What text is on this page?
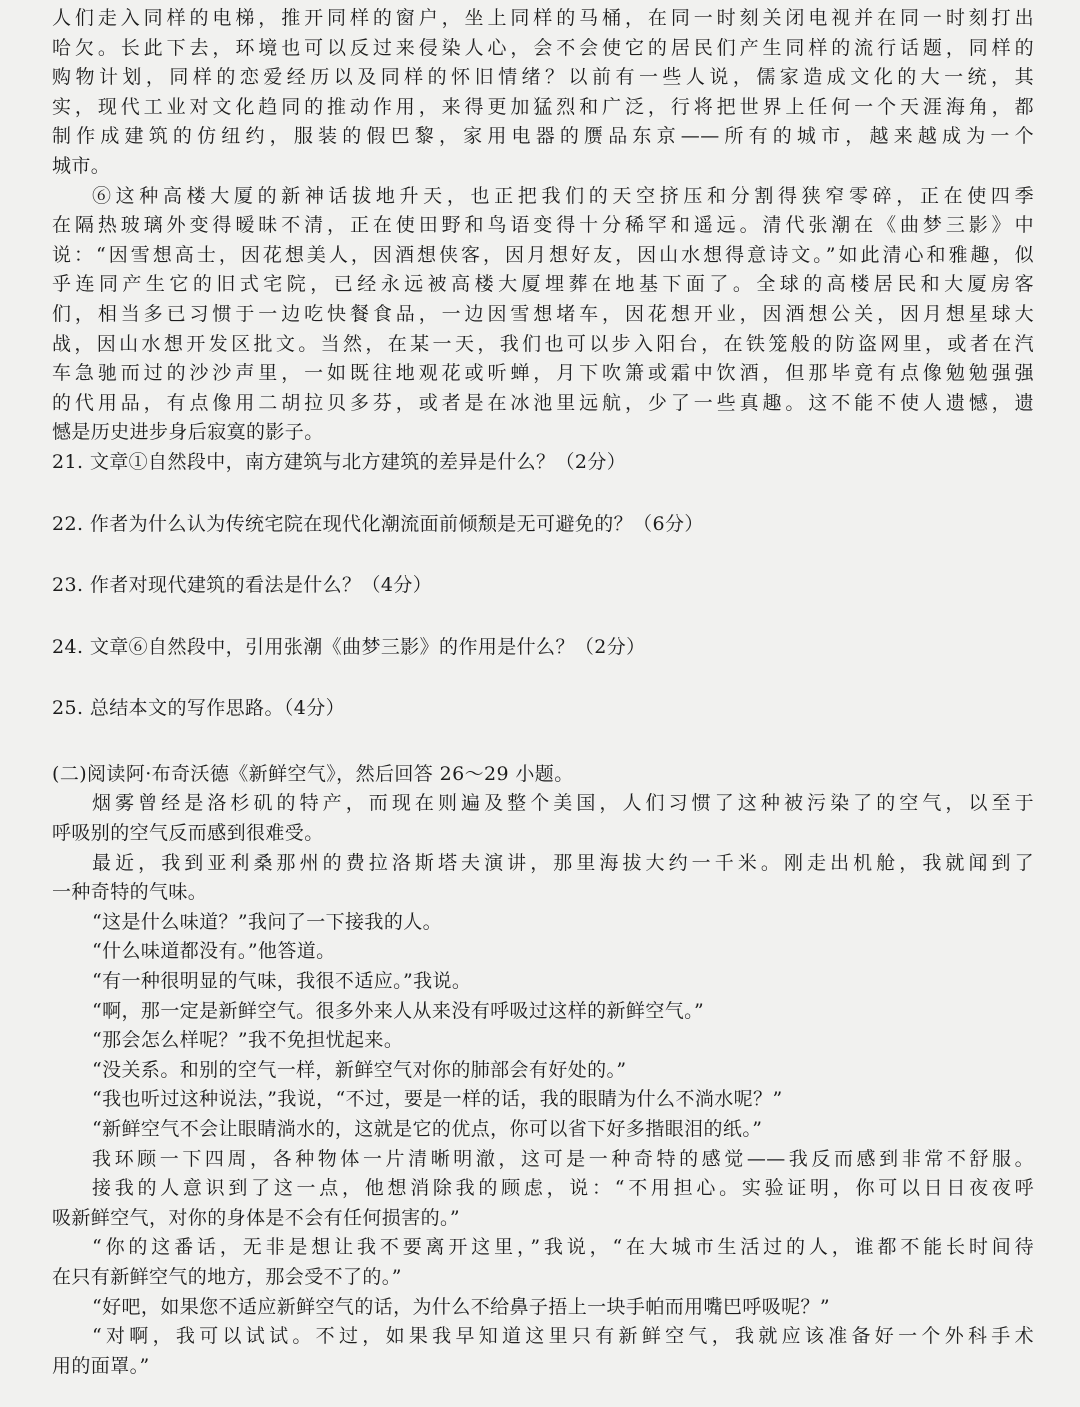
人们走入同样的电梯，推开同样的窗户，坐上同样的马桶，在同一时刻关闭电视并在同一时刻打出
哈欠。长此下去，环境也可以反过来侵染人心，会不会使它的居民们产生同样的流行话题，同样的
购物计划，同样的恋爱经历以及同样的怀旧情绪？以前有一些人说，儒家造成文化的大一统，其
实，现代工业对文化趋同的推动作用，来得更加猛烈和广泛，行将把世界上任何一个天涯海角，都
制作成建筑的仿纽约，服装的假巴黎，家用电器的赝品东京——所有的城市，越来越成为一个
城市。
⑥这种高楼大厦的新神话拔地升天，也正把我们的天空挤压和分割得狭窄零碎，正在使四季
在隔热玻璃外变得暧昧不清，正在使田野和鸟语变得十分稀罕和遥远。清代张潮在《曲梦三影》中
说：“因雪想高士，因花想美人，因酒想侠客，因月想好友，因山水想得意诗文。”如此清心和雅趣，似
乎连同产生它的旧式宅院，已经永远被高楼大厦埋葬在地基下面了。全球的高楼居民和大厦房客
们，相当多已习惯于一边吃快餐食品，一边因雪想堵车，因花想开业，因酒想公关，因月想星球大
战，因山水想开发区批文。当然，在某一天，我们也可以步入阳台，在铁笼般的防盗网里，或者在汽
车急驰而过的沙沙声里，一如既往地观花或听蝉，月下吹箫或霜中饮酒，但那毕竟有点像勉勉强强
的代用品，有点像用二胡拉贝多芬，或者是在冰池里远航，少了一些真趣。这不能不使人遗憾，遗
憾是历史进步身后寂寞的影子。
21. 文章①自然段中，南方建筑与北方建筑的差异是什么？（2分）
22. 作者为什么认为传统宅院在现代化潮流面前倾颓是无可避免的？（6分）
23. 作者对现代建筑的看法是什么？（4分）
24. 文章⑥自然段中，引用张潮《曲梦三影》的作用是什么？（2分）
25. 总结本文的写作思路。（4分）
(二)阅读阿·布奇沃德《新鲜空气》，然后回答 26～29 小题。
烟雾曾经是洛杉矶的特产，而现在则遍及整个美国，人们习惯了这种被污染了的空气，以至于
呼吸别的空气反而感到很难受。
最近，我到亚利桑那州的费拉洛斯塔夫演讲，那里海拔大约一千米。刚走出机舱，我就闻到了
一种奇特的气味。
“这是什么味道？”我问了一下接我的人。
“什么味道都没有。”他答道。
“有一种很明显的气味，我很不适应。”我说。
“啊，那一定是新鲜空气。很多外来人从来没有呼吸过这样的新鲜空气。”
“那会怎么样呢？”我不免担忧起来。
“没关系。和别的空气一样，新鲜空气对你的肺部会有好处的。”
“我也听过这种说法，”我说，“不过，要是一样的话，我的眼睛为什么不淌水呢？”
“新鲜空气不会让眼睛淌水的，这就是它的优点，你可以省下好多揩眼泪的纸。”
我环顾一下四周，各种物体一片清晰明澈，这可是一种奇特的感觉——我反而感到非常不舒服。
接我的人意识到了这一点，他想消除我的顾虑，说：“不用担心。实验证明，你可以日日夜夜呼
吸新鲜空气，对你的身体是不会有任何损害的。”
“你的这番话，无非是想让我不要离开这里，”我说，“在大城市生活过的人，谁都不能长时间待
在只有新鲜空气的地方，那会受不了的。”
“好吧，如果您不适应新鲜空气的话，为什么不给鼻子捂上一块手帕而用嘴巴呼吸呢？”
“对啊，我可以试试。不过，如果我早知道这里只有新鲜空气，我就应该准备好一个外科手术
用的面罩。”
